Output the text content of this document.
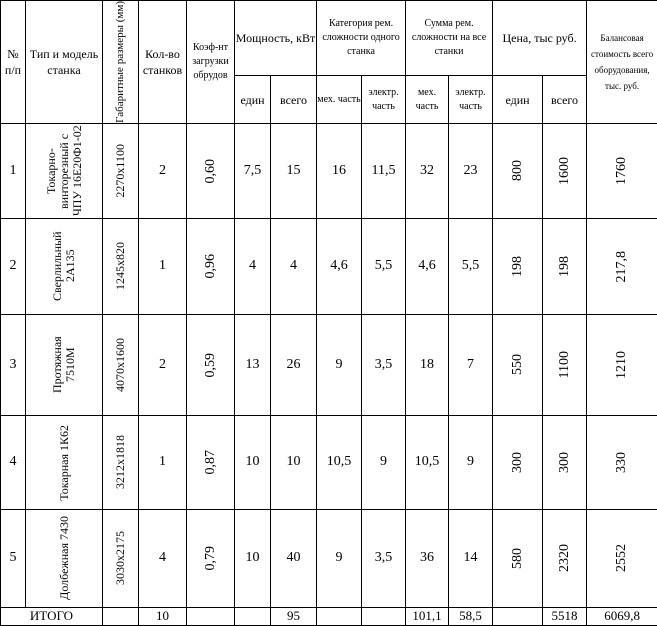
№ п/п	Тип и модель станка	Габаритные размеры (мм)	Кол-во станков	Коэф-нт загрузки обрудов	Мощность, кВт		Категория рем. сложности одного станка		Сумма рем. сложности на все станки		Цена, тыс руб.		Балансовая стоимость всего оборудования, тыс. руб.
					един	всего	мех. часть	электр. часть	мех. часть	электр. часть	един	всего	
1	Токарно-винторезный с ЧПУ 16Е20Ф1-02	2270х1100	2	0,60	7,5	15	16	11,5	32	23	800	1600	1760

2	Сверлильный 2А135	1245х820	1	0,96	4	4	4,6	5,5	4,6	5,5	198	198	217,8

3	Протяжная 7510М	4070х1600	2	0,59	13	26	9	3,5	18	7	550	1100	1210

4	Токарная 1К62	3212х1818	1	0,87	10	10	10,5	9	10,5	9	300	300	330

5	Долбежная 7430	3030х2175	4	0,79	10	40	9	3,5	36	14	580	2320	2552

ИТОГО			10			95			101,1	58,5		5518	6069,8
